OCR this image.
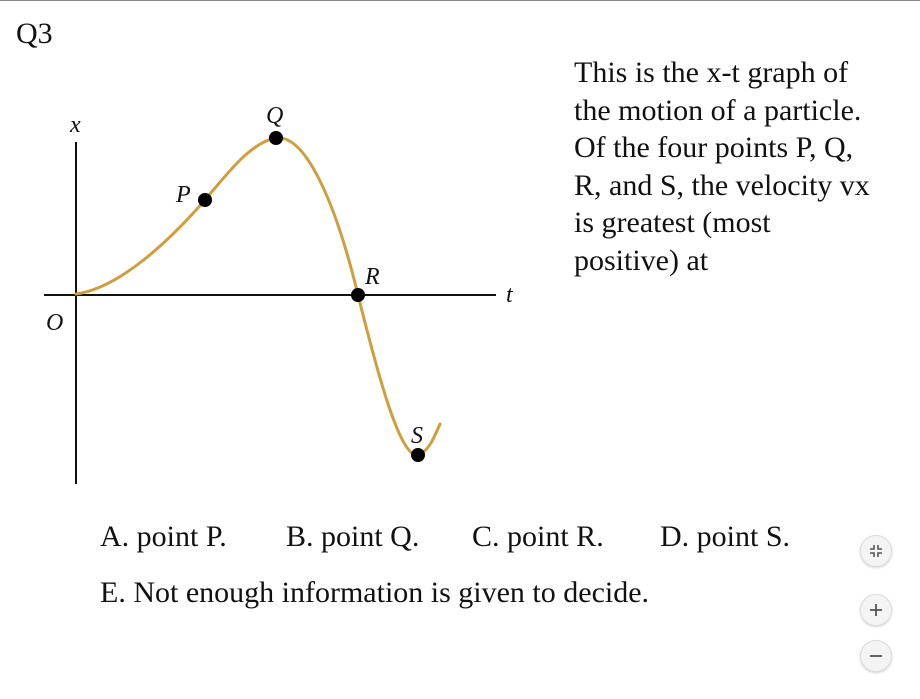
Q3
x
t
O
P
Q
R
S
This is the x-t graph of
the motion of a particle.
Of the four points P, Q,
R, and S, the velocity vx
is greatest (most
positive) at
A. point P. B. point Q. C. point R. D. point S.
E. Not enough information is given to decide.
